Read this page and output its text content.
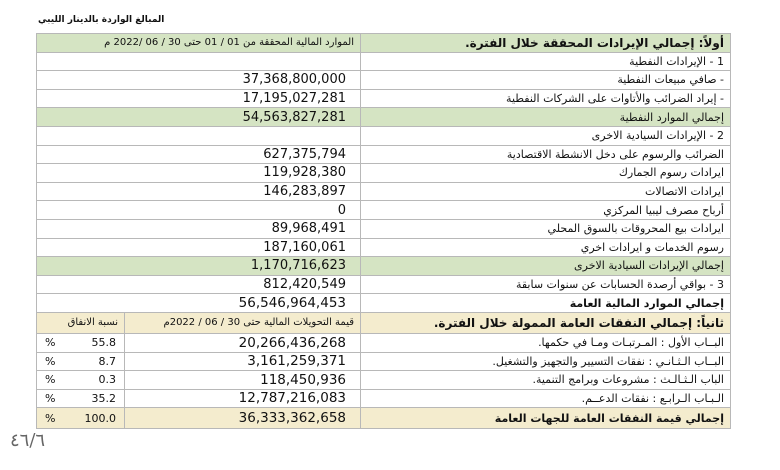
المبالغ الواردة بالدينار الليبي
الموارد المالية المحققة من 01 / 01 حتى 30 / 06 /2022 م		أولاً: إجمالي الإيرادات المحققة خلال الفترة.
		1 - الإيرادات النفطية
37,368,800,000		- صافي مبيعات النفطية
17,195,027,281		- إيراد الضرائب والأتاوات على الشركات النفطية
54,563,827,281		إجمالي الموارد النفطية
		2 - الإيرادات السيادية الاخرى
627,375,794		الضرائب والرسوم على دخل الانشطة الاقتصادية
119,928,380		ايرادات رسوم الجمارك
146,283,897		ايرادات الاتصالات
0		أرباح مصرف ليبيا المركزي
89,968,491		ايرادات بيع المحروقات بالسوق المحلي
187,160,061		رسوم الخدمات و ايرادات اخري
1,170,716,623		إجمالي الإيرادات السيادية الاخرى
812,420,549		3 - بواقي أرصدة الحسابات عن سنوات سابقة
56,546,964,453		إجمالي الموارد المالية العامة
نسبة الانفاق	قيمة التحويلات المالية حتى 30 / 06 / 2022م	ثانياً: إجمالي النفقات العامة الممولة خلال الفترة.

% 55.8	20,266,436,268	البــاب الأول : المـرتبـات ومـا في حكمها.

% 8.7	3,161,259,371	البــاب الـثـانـي : نفقات التسيير والتجهيز والتشغيل.

% 0.3	118,450,936	الباب الـثـالـث : مشروعات وبرامج التنمية.

% 35.2	12,787,216,083	الـبـاب الـرابـع : نفقات الدعــم.

% 100.0	36,333,362,658	إجمالي قيمة النفقات العامة للجهات العامة
٤٦/٦
